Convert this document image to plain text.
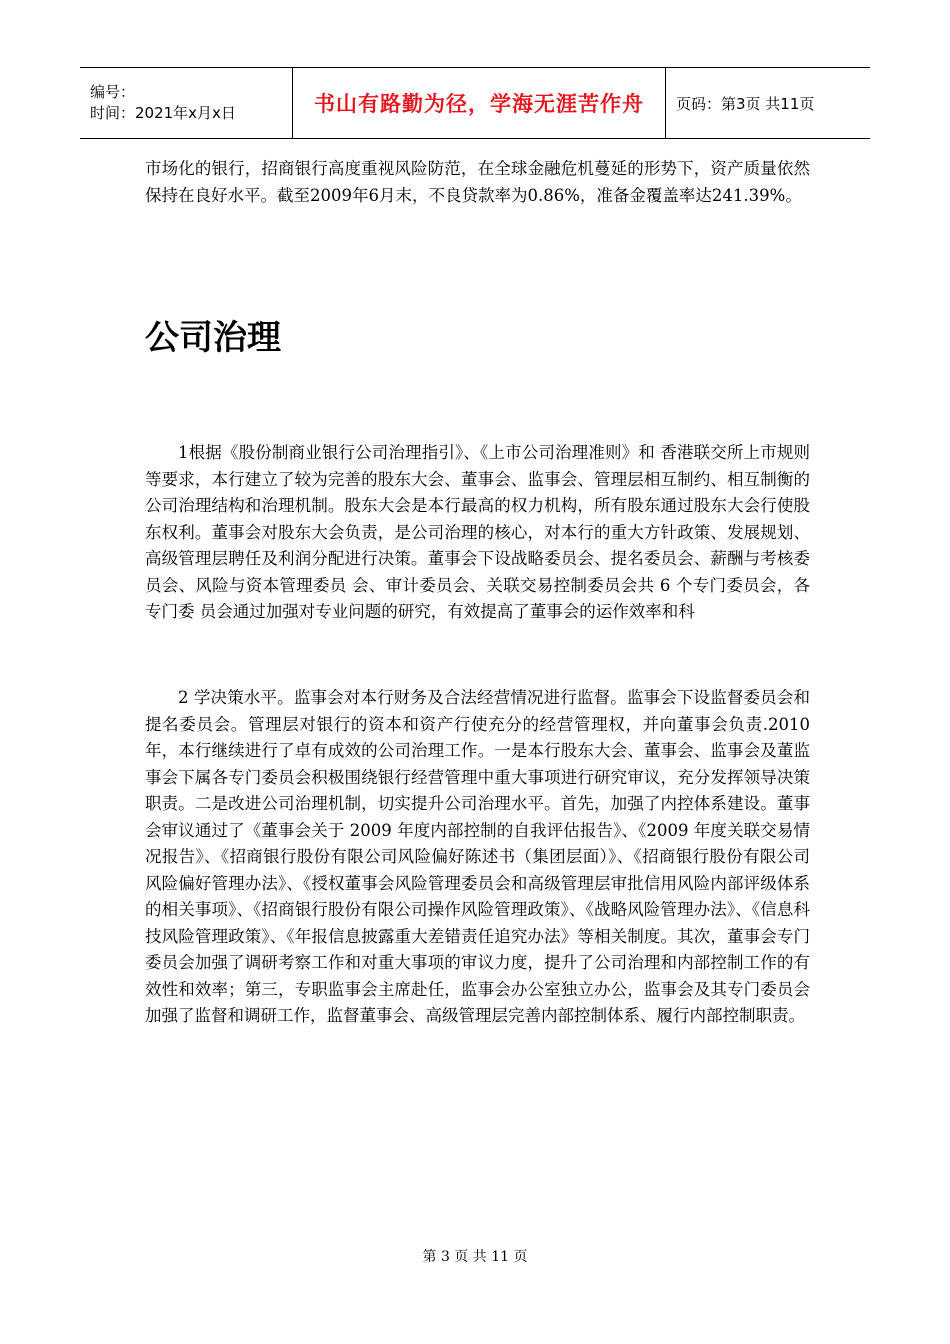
编号：
时间：2021年x月x日	书山有路勤为径，学海无涯苦作舟 页码：第3页 共11页
市场化的银行，招商银行高度重视风险防范，在全球金融危机蔓延的形势下，资产质量依然保持在良好水平。截至2009年6月末，不良贷款率为0.86%，准备金覆盖率达241.39%。
公司治理
1根据《股份制商业银行公司治理指引》、《上市公司治理准则》和 香港联交所上市规则等要求，本行建立了较为完善的股东大会、董事会、监事会、管理层相互制约、相互制衡的公司治理结构和治理机制。股东大会是本行最高的权力机构，所有股东通过股东大会行使股东权利。董事会对股东大会负责，是公司治理的核心，对本行的重大方针政策、发展规划、高级管理层聘任及利润分配进行决策。董事会下设战略委员会、提名委员会、薪酬与考核委员会、风险与资本管理委员 会、审计委员会、关联交易控制委员会共 6 个专门委员会，各专门委 员会通过加强对专业问题的研究，有效提高了董事会的运作效率和科
2 学决策水平。监事会对本行财务及合法经营情况进行监督。监事会下设监督委员会和提名委员会。管理层对银行的资本和资产行使充分的经营管理权，并向董事会负责.2010 年，本行继续进行了卓有成效的公司治理工作。一是本行股东大会、董事会、监事会及董监事会下属各专门委员会积极围绕银行经营管理中重大事项进行研究审议，充分发挥领导决策职责。二是改进公司治理机制，切实提升公司治理水平。首先，加强了内控体系建设。董事会审议通过了《董事会关于 2009 年度内部控制的自我评估报告》、《2009 年度关联交易情况报告》、《招商银行股份有限公司风险偏好陈述书（集团层面）》、《招商银行股份有限公司风险偏好管理办法》、《授权董事会风险管理委员会和高级管理层审批信用风险内部评级体系的相关事项》、《招商银行股份有限公司操作风险管理政策》、《战略风险管理办法》、《信息科技风险管理政策》、《年报信息披露重大差错责任追究办法》等相关制度。其次，董事会专门委员会加强了调研考察工作和对重大事项的审议力度，提升了公司治理和内部控制工作的有效性和效率；第三，专职监事会主席赴任，监事会办公室独立办公，监事会及其专门委员会加强了监督和调研工作，监督董事会、高级管理层完善内部控制体系、履行内部控制职责。
第 3 页 共 11 页
